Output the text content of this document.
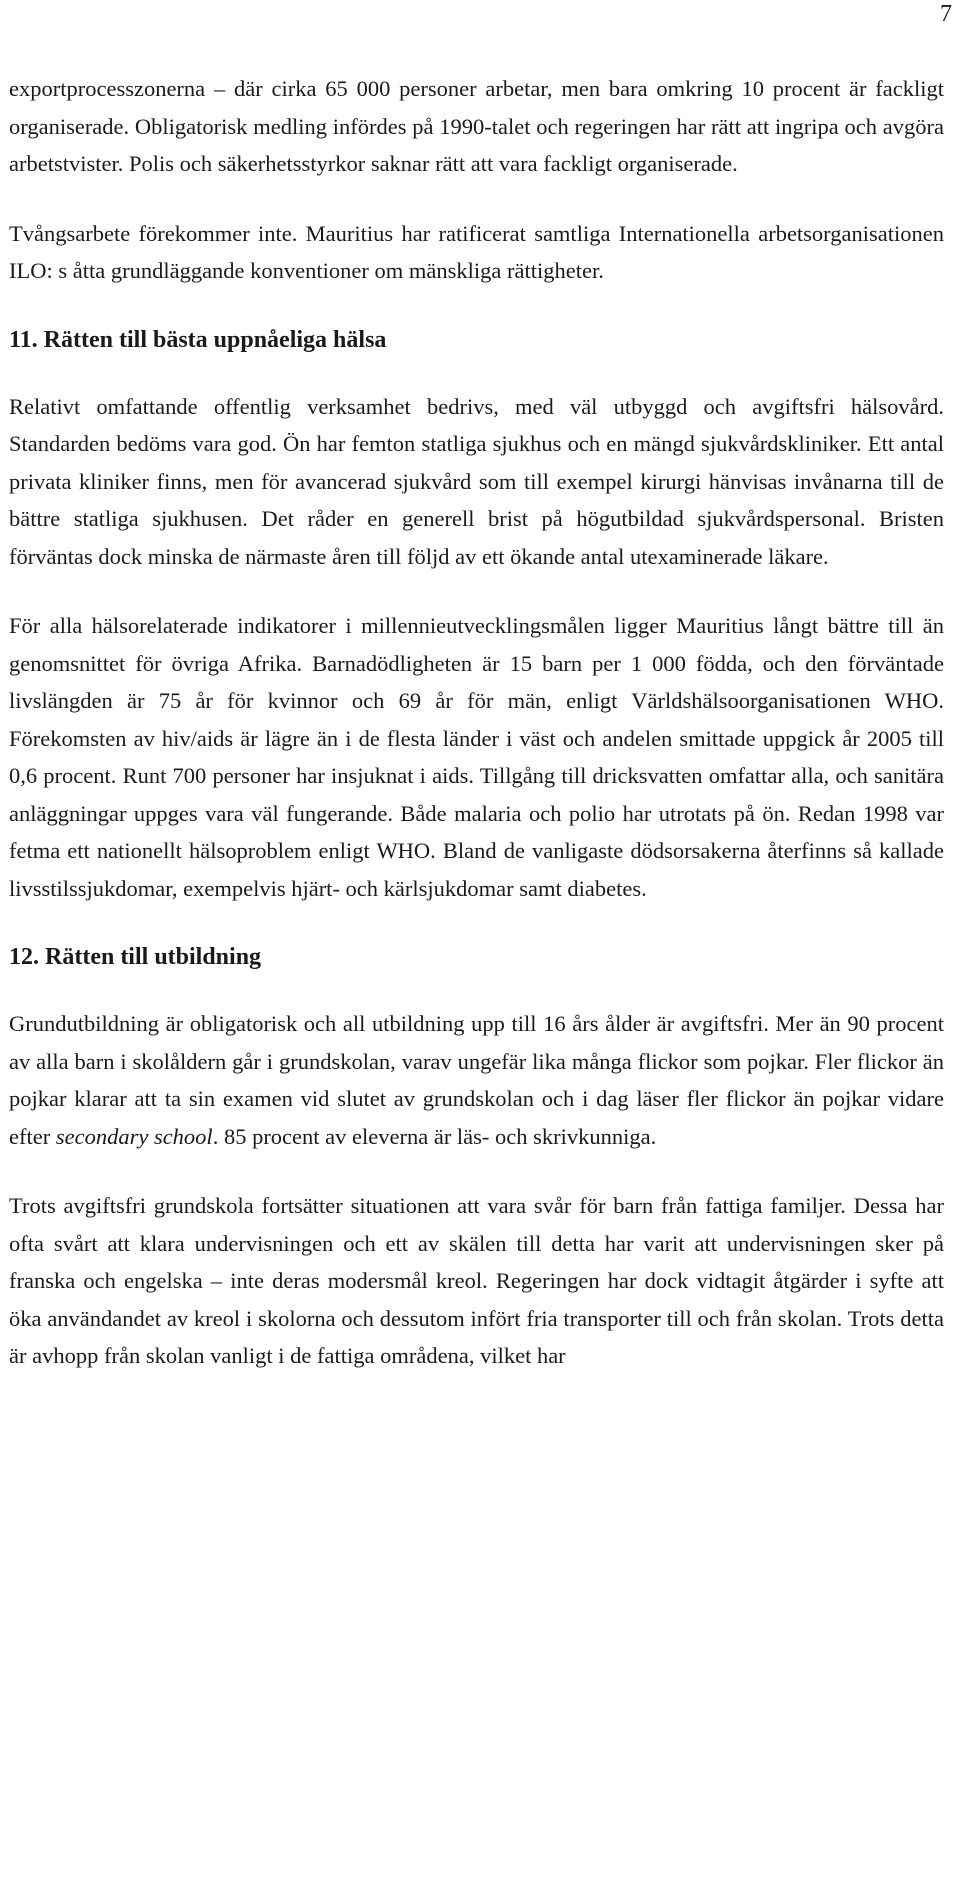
7

exportprocesszonerna – där cirka 65 000 personer arbetar, men bara omkring 10 procent är fackligt organiserade. Obligatorisk medling infördes på 1990-talet och regeringen har rätt att ingripa och avgöra arbetstvister. Polis och säkerhetsstyrkor saknar rätt att vara fackligt organiserade.

Tvångsarbete förekommer inte. Mauritius har ratificerat samtliga Internationella arbetsorganisationen ILO: s åtta grundläggande konventioner om mänskliga rättigheter.

11. Rätten till bästa uppnåeliga hälsa

Relativt omfattande offentlig verksamhet bedrivs, med väl utbyggd och avgiftsfri hälsovård. Standarden bedöms vara god. Ön har femton statliga sjukhus och en mängd sjukvårdskliniker. Ett antal privata kliniker finns, men för avancerad sjukvård som till exempel kirurgi hänvisas invånarna till de bättre statliga sjukhusen. Det råder en generell brist på högutbildad sjukvårdspersonal. Bristen förväntas dock minska de närmaste åren till följd av ett ökande antal utexaminerade läkare.

För alla hälsorelaterade indikatorer i millennieutvecklingsmålen ligger Mauritius långt bättre till än genomsnittet för övriga Afrika. Barnadödligheten är 15 barn per 1 000 födda, och den förväntade livslängden är 75 år för kvinnor och 69 år för män, enligt Världshälsoorganisationen WHO. Förekomsten av hiv/aids är lägre än i de flesta länder i väst och andelen smittade uppgick år 2005 till 0,6 procent. Runt 700 personer har insjuknat i aids. Tillgång till dricksvatten omfattar alla, och sanitära anläggningar uppges vara väl fungerande. Både malaria och polio har utrotats på ön. Redan 1998 var fetma ett nationellt hälsoproblem enligt WHO. Bland de vanligaste dödsorsakerna återfinns så kallade livsstilssjukdomar, exempelvis hjärt- och kärlsjukdomar samt diabetes.

12. Rätten till utbildning

Grundutbildning är obligatorisk och all utbildning upp till 16 års ålder är avgiftsfri. Mer än 90 procent av alla barn i skolåldern går i grundskolan, varav ungefär lika många flickor som pojkar. Fler flickor än pojkar klarar att ta sin examen vid slutet av grundskolan och i dag läser fler flickor än pojkar vidare efter secondary school. 85 procent av eleverna är läs- och skrivkunniga.

Trots avgiftsfri grundskola fortsätter situationen att vara svår för barn från fattiga familjer. Dessa har ofta svårt att klara undervisningen och ett av skälen till detta har varit att undervisningen sker på franska och engelska – inte deras modersmål kreol. Regeringen har dock vidtagit åtgärder i syfte att öka användandet av kreol i skolorna och dessutom infört fria transporter till och från skolan. Trots detta är avhopp från skolan vanligt i de fattiga områdena, vilket har
